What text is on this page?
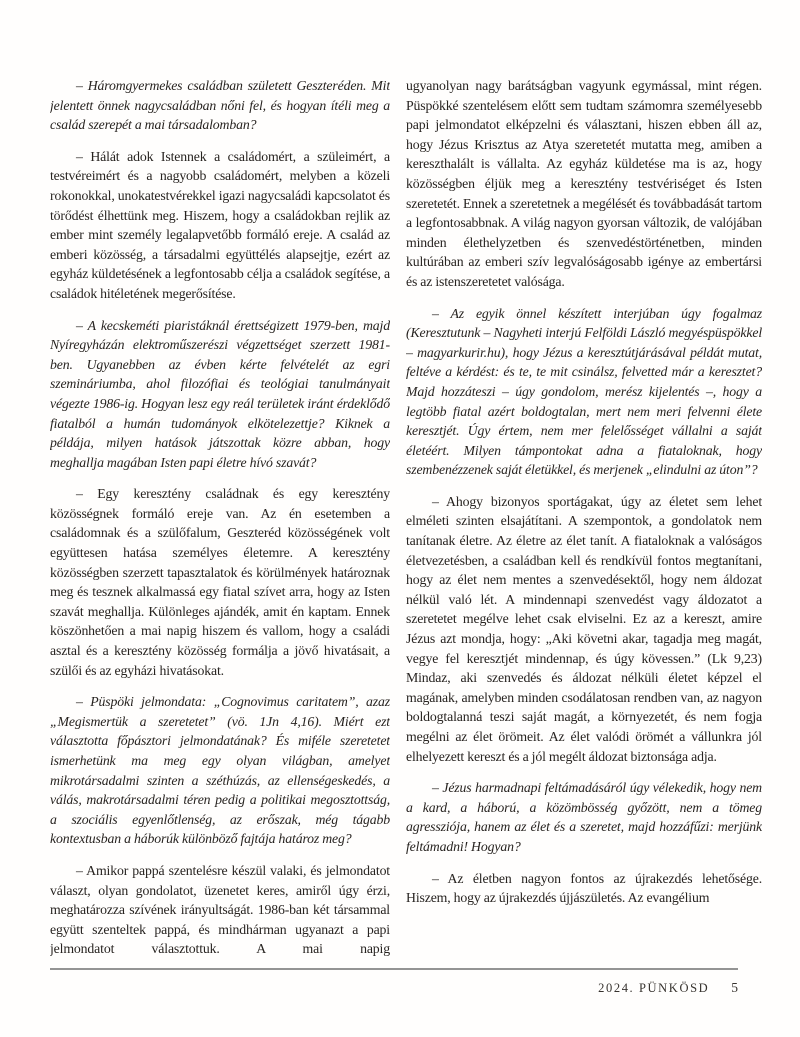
– Háromgyermekes családban született Geszteréden. Mit jelentett önnek nagycsaládban nőni fel, és hogyan ítéli meg a család szerepét a mai társadalomban?

– Hálát adok Istennek a családomért, a szüleimért, a testvéreimért és a nagyobb családomért, melyben a közeli rokonokkal, unokatestvérekkel igazi nagycsaládi kapcsolatot és törődést élhettünk meg. Hiszem, hogy a családokban rejlik az ember mint személy legalapvetőbb formáló ereje. A család az emberi közösség, a társadalmi együttélés alapsejtje, ezért az egyház küldetésének a legfontosabb célja a családok segítése, a családok hitéletének megerősítése.

– A kecskeméti piaristáknál érettségizett 1979-ben, majd Nyíregyházán elektroműszerészi végzettséget szerzett 1981-ben. Ugyanebben az évben kérte felvételét az egri szemináriumba, ahol filozófiai és teológiai tanulmányait végezte 1986-ig. Hogyan lesz egy reál területek iránt érdeklődő fiatalból a humán tudományok elkötelezettje? Kiknek a példája, milyen hatások játszottak közre abban, hogy meghallja magában Isten papi életre hívó szavát?

– Egy keresztény családnak és egy keresztény közösségnek formáló ereje van. Az én esetemben a családomnak és a szülőfalum, Geszteréd közösségének volt együttesen hatása személyes életemre. A keresztény közösségben szerzett tapasztalatok és körülmények határoznak meg és tesznek alkalmassá egy fiatal szívet arra, hogy az Isten szavát meghallja. Különleges ajándék, amit én kaptam. Ennek köszönhetően a mai napig hiszem és vallom, hogy a családi asztal és a keresztény közösség formálja a jövő hivatásait, a szülői és az egyházi hivatásokat.

– Püspöki jelmondata: „Cognovimus caritatem”, azaz „Megismertük a szeretetet” (vö. 1Jn 4,16). Miért ezt választotta főpásztori jelmondatának? És miféle szeretetet ismerhetünk ma meg egy olyan világban, amelyet mikrotársadalmi szinten a széthúzás, az ellenségeskedés, a válás, makrotársadalmi téren pedig a politikai megosztottság, a szociális egyenlőtlenség, az erőszak, még tágabb kontextusban a háborúk különböző fajtája határoz meg?

– Amikor pappá szentelésre készül valaki, és jelmondatot választ, olyan gondolatot, üzenetet keres, amiről úgy érzi, meghatározza szívének irányultságát. 1986-ban két társammal együtt szenteltek pappá, és mindhárman ugyanazt a papi jelmondatot választottuk. A mai napig

ugyanolyan nagy barátságban vagyunk egymással, mint régen. Püspökké szentelésem előtt sem tudtam számomra személyesebb papi jelmondatot elképzelni és választani, hiszen ebben áll az, hogy Jézus Krisztus az Atya szeretetét mutatta meg, amiben a kereszthalált is vállalta. Az egyház küldetése ma is az, hogy közösségben éljük meg a keresztény testvériséget és Isten szeretetét. Ennek a szeretetnek a megélését és továbbadását tartom a legfontosabbnak. A világ nagyon gyorsan változik, de valójában minden élethelyzetben és szenvedéstörténetben, minden kultúrában az emberi szív legvalóságosabb igénye az embertársi és az istenszeretetet valósága.

– Az egyik önnel készített interjúban úgy fogalmaz (Keresztutunk – Nagyheti interjú Felföldi László megyéspüspökkel – magyarkurir.hu), hogy Jézus a keresztútjárásával példát mutat, feltéve a kérdést: és te, te mit csinálsz, felvetted már a keresztet? Majd hozzáteszi – úgy gondolom, merész kijelentés –, hogy a legtöbb fiatal azért boldogtalan, mert nem meri felvenni élete keresztjét. Úgy értem, nem mer felelősséget vállalni a saját életéért. Milyen támpontokat adna a fiataloknak, hogy szembenézzenek saját életükkel, és merjenek „elindulni az úton”?

– Ahogy bizonyos sportágakat, úgy az életet sem lehet elméleti szinten elsajátítani. A szempontok, a gondolatok nem tanítanak életre. Az életre az élet tanít. A fiataloknak a valóságos életvezetésben, a családban kell és rendkívül fontos megtanítani, hogy az élet nem mentes a szenvedésektől, hogy nem áldozat nélkül való lét. A mindennapi szenvedést vagy áldozatot a szeretetet megélve lehet csak elviselni. Ez az a kereszt, amire Jézus azt mondja, hogy: „Aki követni akar, tagadja meg magát, vegye fel keresztjét mindennap, és úgy kövessen.” (Lk 9,23) Mindaz, aki szenvedés és áldozat nélküli életet képzel el magának, amelyben minden csodálatosan rendben van, az nagyon boldogtalanná teszi saját magát, a környezetét, és nem fogja megélni az élet örömeit. Az élet valódi örömét a vállunkra jól elhelyezett kereszt és a jól megélt áldozat biztonsága adja.

– Jézus harmadnapi feltámadásáról úgy vélekedik, hogy nem a kard, a háború, a közömbösség győzött, nem a tömeg agressziója, hanem az élet és a szeretet, majd hozzáfűzi: merjünk feltámadni! Hogyan?

– Az életben nagyon fontos az újrakezdés lehetősége. Hiszem, hogy az újrakezdés újjászületés. Az evangélium

2024. PÜNKÖSD 5
